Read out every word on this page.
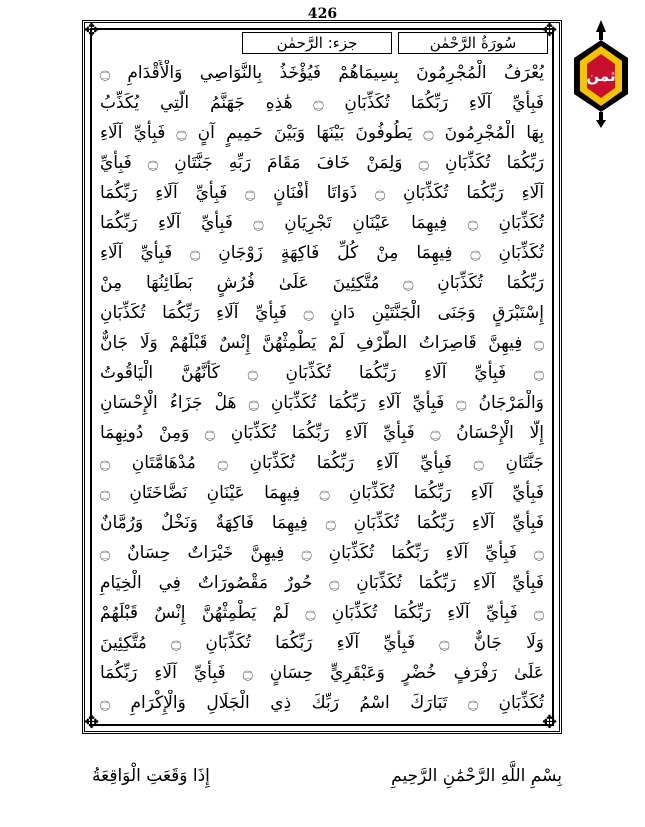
426
✥	✥
✥	✥
سُورَةُ الرَّحْمٰن
جزء: الرَّحمٰن
يُعْرَفُ الْمُجْرِمُونَ بِسِيمَاهُمْ فَيُؤْخَذُ بِالنَّوَاصِي وَالْأَقْدَامِ ۝
فَبِأَيِّ آلَاءِ رَبِّكُمَا تُكَذِّبَانِ ۝ هَٰذِهِ جَهَنَّمُ الَّتِي يُكَذِّبُ
بِهَا الْمُجْرِمُونَ ۝ يَطُوفُونَ بَيْنَهَا وَبَيْنَ حَمِيمٍ آنٍ ۝ فَبِأَيِّ آلَاءِ
رَبِّكُمَا تُكَذِّبَانِ ۝ وَلِمَنْ خَافَ مَقَامَ رَبِّهِ جَنَّتَانِ ۝ فَبِأَيِّ
آلَاءِ رَبِّكُمَا تُكَذِّبَانِ ۝ ذَوَاتَا أَفْنَانٍ ۝ فَبِأَيِّ آلَاءِ رَبِّكُمَا
تُكَذِّبَانِ ۝ فِيهِمَا عَيْنَانِ تَجْرِيَانِ ۝ فَبِأَيِّ آلَاءِ رَبِّكُمَا
تُكَذِّبَانِ ۝ فِيهِمَا مِنْ كُلِّ فَاكِهَةٍ زَوْجَانِ ۝ فَبِأَيِّ آلَاءِ
رَبِّكُمَا تُكَذِّبَانِ ۝ مُتَّكِئِينَ عَلَىٰ فُرُشٍ بَطَائِنُهَا مِنْ
إِسْتَبْرَقٍ وَجَنَى الْجَنَّتَيْنِ دَانٍ ۝ فَبِأَيِّ آلَاءِ رَبِّكُمَا تُكَذِّبَانِ
۝ فِيهِنَّ قَاصِرَاتُ الطَّرْفِ لَمْ يَطْمِثْهُنَّ إِنْسٌ قَبْلَهُمْ وَلَا جَانٌّ
۝ فَبِأَيِّ آلَاءِ رَبِّكُمَا تُكَذِّبَانِ ۝ كَأَنَّهُنَّ الْيَاقُوتُ
وَالْمَرْجَانُ ۝ فَبِأَيِّ آلَاءِ رَبِّكُمَا تُكَذِّبَانِ ۝ هَلْ جَزَاءُ الْإِحْسَانِ
إِلَّا الْإِحْسَانُ ۝ فَبِأَيِّ آلَاءِ رَبِّكُمَا تُكَذِّبَانِ ۝ وَمِنْ دُونِهِمَا
جَنَّتَانِ ۝ فَبِأَيِّ آلَاءِ رَبِّكُمَا تُكَذِّبَانِ ۝ مُدْهَامَّتَانِ ۝
فَبِأَيِّ آلَاءِ رَبِّكُمَا تُكَذِّبَانِ ۝ فِيهِمَا عَيْنَانِ نَضَّاخَتَانِ ۝
فَبِأَيِّ آلَاءِ رَبِّكُمَا تُكَذِّبَانِ ۝ فِيهِمَا فَاكِهَةٌ وَنَخْلٌ وَرُمَّانٌ
۝ فَبِأَيِّ آلَاءِ رَبِّكُمَا تُكَذِّبَانِ ۝ فِيهِنَّ خَيْرَاتٌ حِسَانٌ ۝
فَبِأَيِّ آلَاءِ رَبِّكُمَا تُكَذِّبَانِ ۝ حُورٌ مَقْصُورَاتٌ فِي الْخِيَامِ
۝ فَبِأَيِّ آلَاءِ رَبِّكُمَا تُكَذِّبَانِ ۝ لَمْ يَطْمِثْهُنَّ إِنْسٌ قَبْلَهُمْ
وَلَا جَانٌّ ۝ فَبِأَيِّ آلَاءِ رَبِّكُمَا تُكَذِّبَانِ ۝ مُتَّكِئِينَ
عَلَىٰ رَفْرَفٍ خُضْرٍ وَعَبْقَرِيٍّ حِسَانٍ ۝ فَبِأَيِّ آلَاءِ رَبِّكُمَا
تُكَذِّبَانِ ۝ تَبَارَكَ اسْمُ رَبِّكَ ذِي الْجَلَالِ وَالْإِكْرَامِ ۝
ثمن
بِسْمِ اللَّهِ الرَّحْمَٰنِ الرَّحِيمِ
إِذَا وَقَعَتِ الْوَاقِعَةُ
